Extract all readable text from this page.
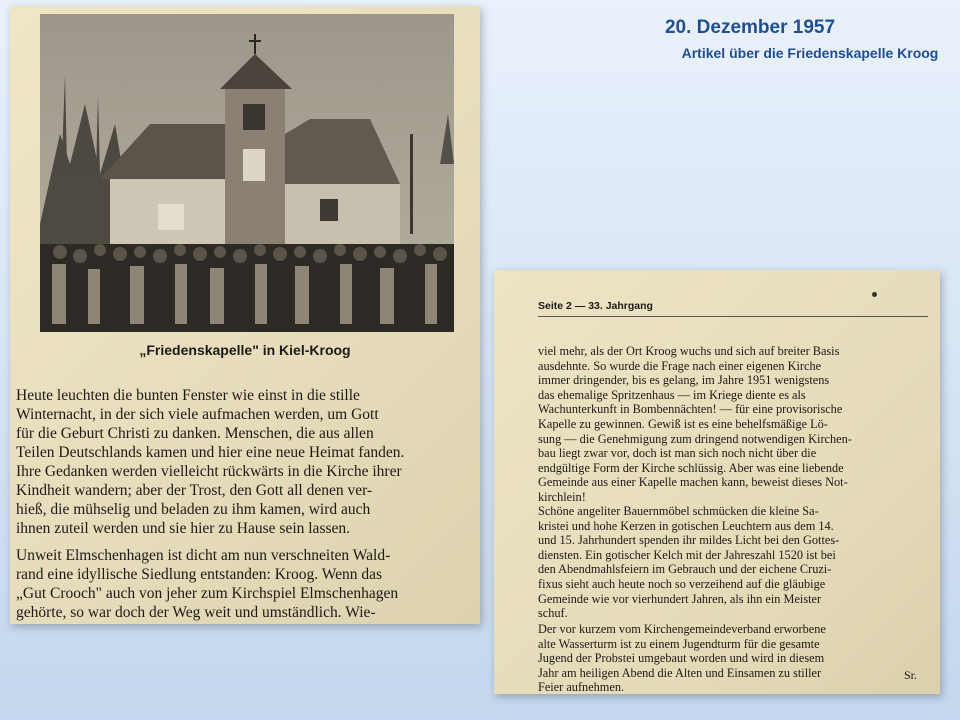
20. Dezember 1957
Artikel über die Friedenskapelle Kroog
„Friedenskapelle" in Kiel-Kroog
Heute leuchten die bunten Fenster wie einst in die stille
Winternacht, in der sich viele aufmachen werden, um Gott
für die Geburt Christi zu danken. Menschen, die aus allen
Teilen Deutschlands kamen und hier eine neue Heimat fanden.
Ihre Gedanken werden vielleicht rückwärts in die Kirche ihrer
Kindheit wandern; aber der Trost, den Gott all denen ver-
hieß, die mühselig und beladen zu ihm kamen, wird auch
ihnen zuteil werden und sie hier zu Hause sein lassen.
Unweit Elmschenhagen ist dicht am nun verschneiten Wald-
rand eine idyllische Siedlung entstanden: Kroog. Wenn das
„Gut Crooch" auch von jeher zum Kirchspiel Elmschenhagen
gehörte, so war doch der Weg weit und umständlich. Wie-
Seite 2 — 33. Jahrgang
viel mehr, als der Ort Kroog wuchs und sich auf breiter Basis
ausdehnte. So wurde die Frage nach einer eigenen Kirche
immer dringender, bis es gelang, im Jahre 1951 wenigstens
das ehemalige Spritzenhaus — im Kriege diente es als
Wachunterkunft in Bombennächten! — für eine provisorische
Kapelle zu gewinnen. Gewiß ist es eine behelfsmäßige Lö-
sung — die Genehmigung zum dringend notwendigen Kirchen-
bau liegt zwar vor, doch ist man sich noch nicht über die
endgültige Form der Kirche schlüssig. Aber was eine liebende
Gemeinde aus einer Kapelle machen kann, beweist dieses Not-
kirchlein!
Schöne angeliter Bauernmöbel schmücken die kleine Sa-
kristei und hohe Kerzen in gotischen Leuchtern aus dem 14.
und 15. Jahrhundert spenden ihr mildes Licht bei den Gottes-
diensten. Ein gotischer Kelch mit der Jahreszahl 1520 ist bei
den Abendmahlsfeiern im Gebrauch und der eichene Cruzi-
fixus sieht auch heute noch so verzeihend auf die gläubige
Gemeinde wie vor vierhundert Jahren, als ihn ein Meister
schuf.
Der vor kurzem vom Kirchengemeindeverband erworbene
alte Wasserturm ist zu einem Jugendturm für die gesamte
Jugend der Probstei umgebaut worden und wird in diesem
Jahr am heiligen Abend die Alten und Einsamen zu stiller
Feier aufnehmen.
Sr.
